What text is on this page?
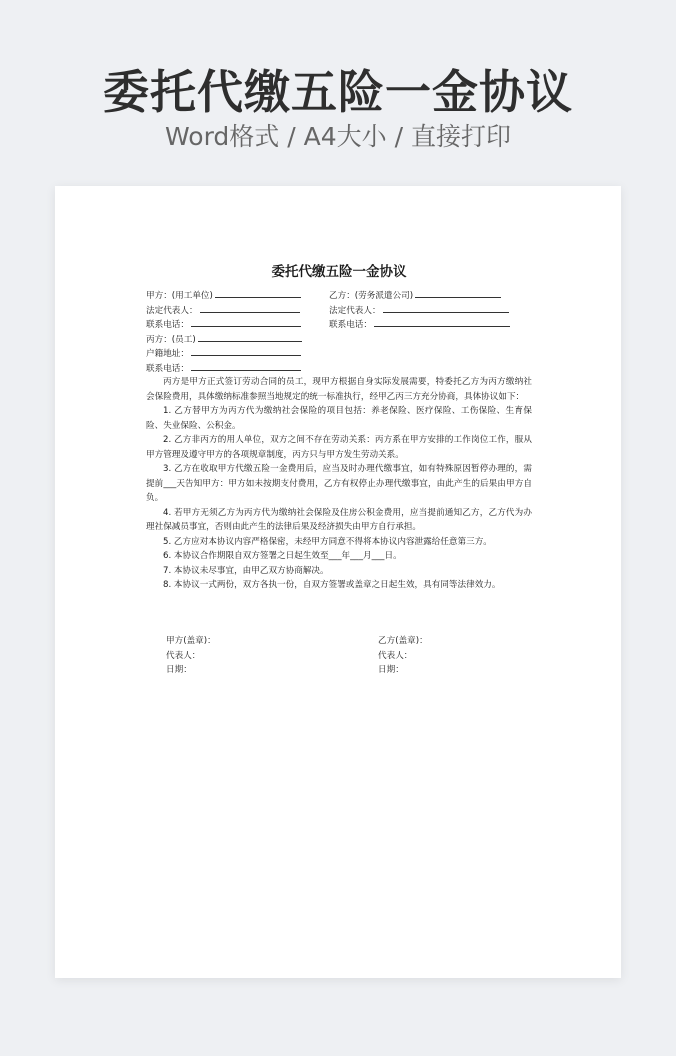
委托代缴五险一金协议
Word格式 / A4大小 / 直接打印
委托代缴五险一金协议
甲方：(用工单位)	乙方：(劳务派遣公司)
法定代表人：	法定代表人：
联系电话：	联系电话：
丙方：(员工)
户籍地址：
联系电话：

丙方是甲方正式签订劳动合同的员工，现甲方根据自身实际发展需要，特委托乙方为丙方缴纳社会保险费用，具体缴纳标准参照当地规定的统一标准执行，经甲乙丙三方充分协商，具体协议如下：

1. 乙方替甲方为丙方代为缴纳社会保险的项目包括：养老保险、医疗保险、工伤保险、生育保险、失业保险、公积金。

2. 乙方非丙方的用人单位，双方之间不存在劳动关系：丙方系在甲方安排的工作岗位工作，服从甲方管理及遵守甲方的各项规章制度，丙方只与甲方发生劳动关系。

3. 乙方在收取甲方代缴五险一金费用后，应当及时办理代缴事宜，如有特殊原因暂停办理的，需提前___天告知甲方：甲方如未按期支付费用，乙方有权停止办理代缴事宜，由此产生的后果由甲方自负。

4. 若甲方无须乙方为丙方代为缴纳社会保险及住房公积金费用，应当提前通知乙方，乙方代为办理社保减员事宜，否则由此产生的法律后果及经济损失由甲方自行承担。

5. 乙方应对本协议内容严格保密，未经甲方同意不得将本协议内容泄露给任意第三方。

6. 本协议合作期限自双方签署之日起生效至___年___月___日。

7. 本协议未尽事宜，由甲乙双方协商解决。

8. 本协议一式两份，双方各执一份，自双方签署或盖章之日起生效，具有同等法律效力。

甲方(盖章)：	乙方(盖章)：
代表人：	代表人：
日期：	日期：
